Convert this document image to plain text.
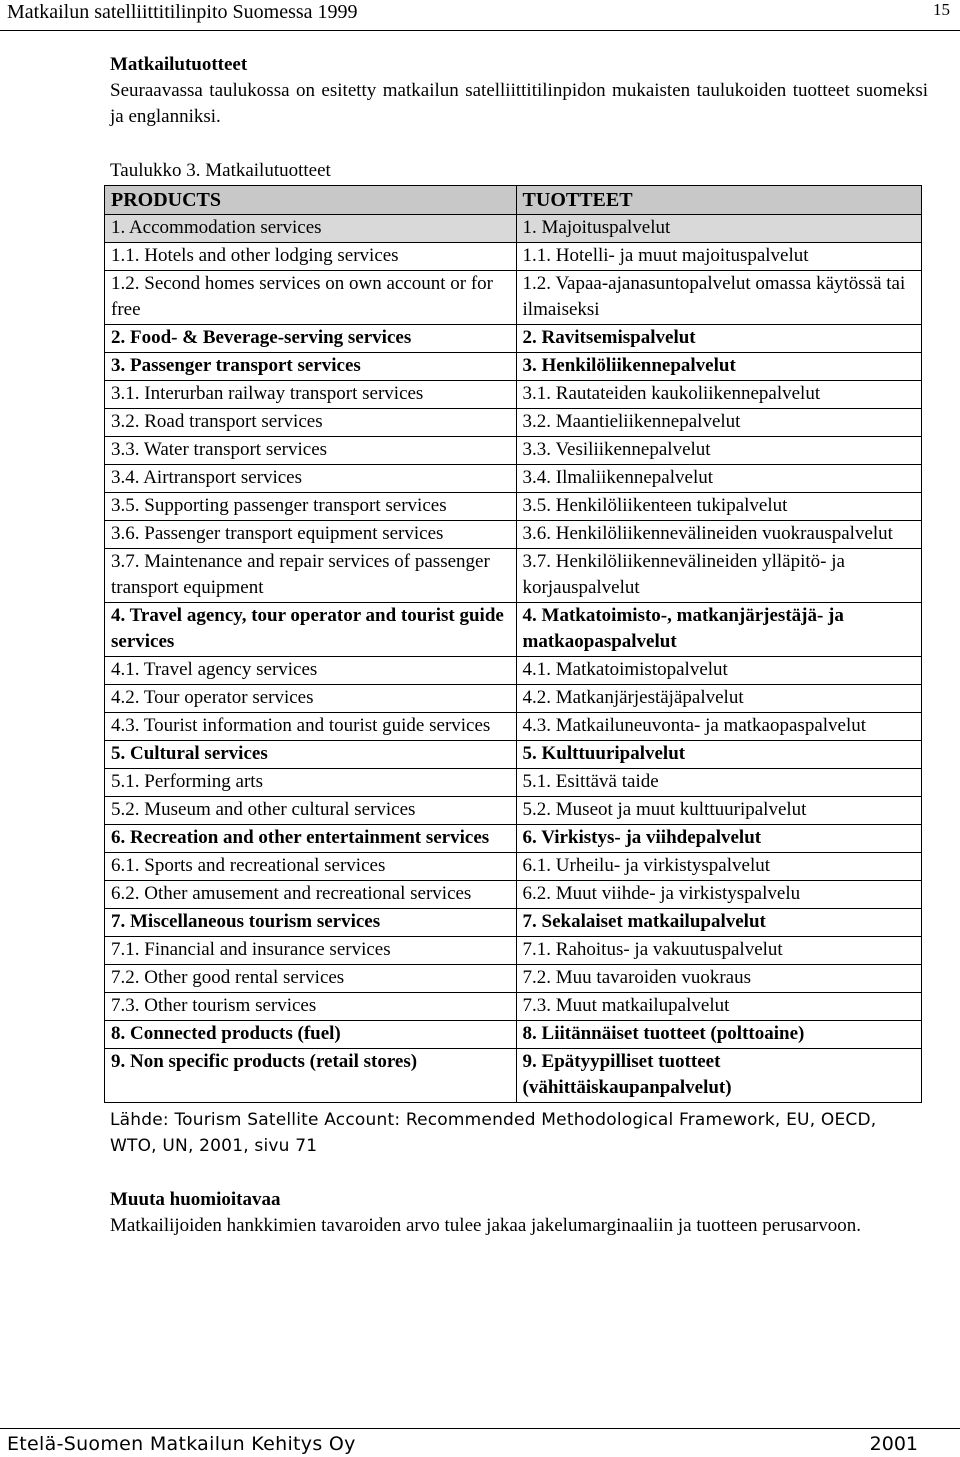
Matkailun satelliittitilinpito Suomessa 1999	15

Matkailutuotteet

Seuraavassa taulukossa on esitetty matkailun satelliittitilinpidon mukaisten taulukoiden tuotteet suomeksi ja englanniksi.

Taulukko 3. Matkailutuotteet

PRODUCTS	TUOTTEET
1. Accommodation services	1. Majoituspalvelut
1.1. Hotels and other lodging services	1.1. Hotelli- ja muut majoituspalvelut
1.2. Second homes services on own account or for free	1.2. Vapaa-ajanasuntopalvelut omassa käytössä tai ilmaiseksi
2. Food- & Beverage-serving services	2. Ravitsemispalvelut
3. Passenger transport services	3. Henkilöliikennepalvelut
3.1. Interurban railway transport services	3.1. Rautateiden kaukoliikennepalvelut
3.2. Road transport services	3.2. Maantieliikennepalvelut
3.3. Water transport services	3.3. Vesiliikennepalvelut
3.4. Airtransport services	3.4. Ilmaliikennepalvelut
3.5. Supporting passenger transport services	3.5. Henkilöliikenteen tukipalvelut
3.6. Passenger transport equipment services	3.6. Henkilöliikennevälineiden vuokrauspalvelut
3.7. Maintenance and repair services of passenger transport equipment	3.7. Henkilöliikennevälineiden ylläpitö- ja korjauspalvelut
4. Travel agency, tour operator and tourist guide services	4. Matkatoimisto-, matkanjärjestäjä- ja matkaopaspalvelut
4.1. Travel agency services	4.1. Matkatoimistopalvelut
4.2. Tour operator services	4.2. Matkanjärjestäjäpalvelut
4.3. Tourist information and tourist guide services	4.3. Matkailuneuvonta- ja matkaopaspalvelut
5. Cultural services	5. Kulttuuripalvelut
5.1. Performing arts	5.1. Esittävä taide
5.2. Museum and other cultural services	5.2. Museot ja muut kulttuuripalvelut
6. Recreation and other entertainment services	6. Virkistys- ja viihdepalvelut
6.1. Sports and recreational services	6.1. Urheilu- ja virkistyspalvelut
6.2. Other amusement and recreational services	6.2. Muut viihde- ja virkistyspalvelu
7. Miscellaneous tourism services	7. Sekalaiset matkailupalvelut
7.1. Financial and insurance services	7.1. Rahoitus- ja vakuutuspalvelut
7.2. Other good rental services	7.2. Muu tavaroiden vuokraus
7.3. Other tourism services	7.3. Muut matkailupalvelut
8. Connected products (fuel)	8. Liitännäiset tuotteet (polttoaine)
9. Non specific products (retail stores)	9. Epätyypilliset tuotteet (vähittäiskaupanpalvelut)

Lähde: Tourism Satellite Account: Recommended Methodological Framework, EU, OECD, WTO, UN, 2001, sivu 71

Muuta huomioitavaa

Matkailijoiden hankkimien tavaroiden arvo tulee jakaa jakelumarginaaliin ja tuotteen perusarvoon.

Etelä-Suomen Matkailun Kehitys Oy	2001
